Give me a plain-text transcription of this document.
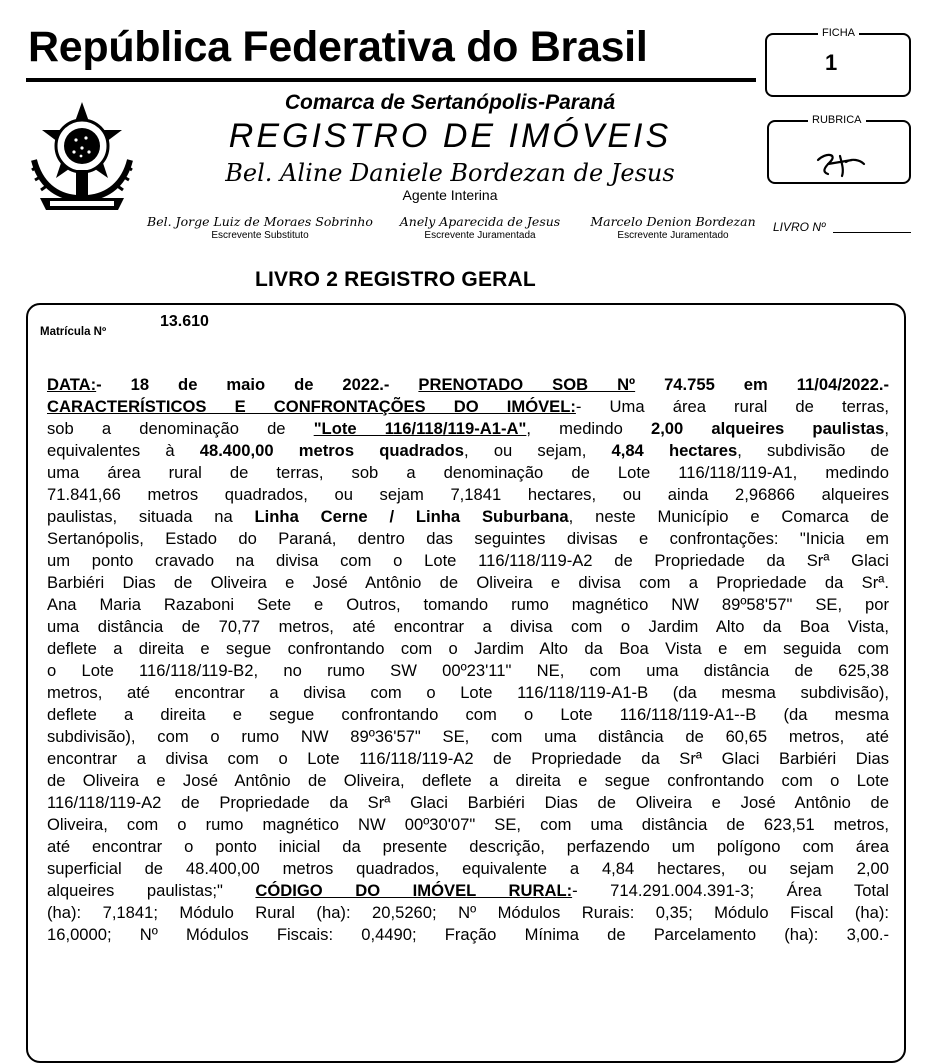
República Federativa do Brasil	FICHA
1
RUBRICA
Comarca de Sertanópolis-Paraná
REGISTRO DE IMÓVEIS
Bel. Aline Daniele Bordezan de Jesus
Agente Interina
Bel. Jorge Luiz de Moraes Sobrinho
Escrevente Substituto
Anely Aparecida de Jesus
Escrevente Juramentada
Marcelo Denion Bordezan
Escrevente Juramentado
LIVRO Nº
LIVRO 2 REGISTRO GERAL
Matrícula Nº
13.610
DATA:- 18 de maio de 2022.- PRENOTADO SOB Nº 74.755 em 11/04/2022.-
CARACTERÍSTICOS E CONFRONTAÇÕES DO IMÓVEL:- Uma área rural de terras,
sob a denominação de "Lote 116/118/119-A1-A", medindo 2,00 alqueires paulistas,
equivalentes à 48.400,00 metros quadrados, ou sejam, 4,84 hectares, subdivisão de
uma área rural de terras, sob a denominação de Lote 116/118/119-A1, medindo
71.841,66 metros quadrados, ou sejam 7,1841 hectares, ou ainda 2,96866 alqueires
paulistas, situada na Linha Cerne / Linha Suburbana, neste Município e Comarca de
Sertanópolis, Estado do Paraná, dentro das seguintes divisas e confrontações: "Inicia em
um ponto cravado na divisa com o Lote 116/118/119-A2 de Propriedade da Srª Glaci
Barbiéri Dias de Oliveira e José Antônio de Oliveira e divisa com a Propriedade da Srª.
Ana Maria Razaboni Sete e Outros, tomando rumo magnético NW 89º58'57" SE, por
uma distância de 70,77 metros, até encontrar a divisa com o Jardim Alto da Boa Vista,
deflete a direita e segue confrontando com o Jardim Alto da Boa Vista e em seguida com
o Lote 116/118/119-B2, no rumo SW 00º23'11" NE, com uma distância de 625,38
metros, até encontrar a divisa com o Lote 116/118/119-A1-B (da mesma subdivisão),
deflete a direita e segue confrontando com o Lote 116/118/119-A1--B (da mesma
subdivisão), com o rumo NW 89º36'57" SE, com uma distância de 60,65 metros, até
encontrar a divisa com o Lote 116/118/119-A2 de Propriedade da Srª Glaci Barbiéri Dias
de Oliveira e José Antônio de Oliveira, deflete a direita e segue confrontando com o Lote
116/118/119-A2 de Propriedade da Srª Glaci Barbiéri Dias de Oliveira e José Antônio de
Oliveira, com o rumo magnético NW 00º30'07" SE, com uma distância de 623,51 metros,
até encontrar o ponto inicial da presente descrição, perfazendo um polígono com área
superficial de 48.400,00 metros quadrados, equivalente a 4,84 hectares, ou sejam 2,00
alqueires paulistas;" CÓDIGO DO IMÓVEL RURAL:- 714.291.004.391-3; Área Total
(ha): 7,1841; Módulo Rural (ha): 20,5260; Nº Módulos Rurais: 0,35; Módulo Fiscal (ha):
16,0000; Nº Módulos Fiscais: 0,4490; Fração Mínima de Parcelamento (ha): 3,00.-
